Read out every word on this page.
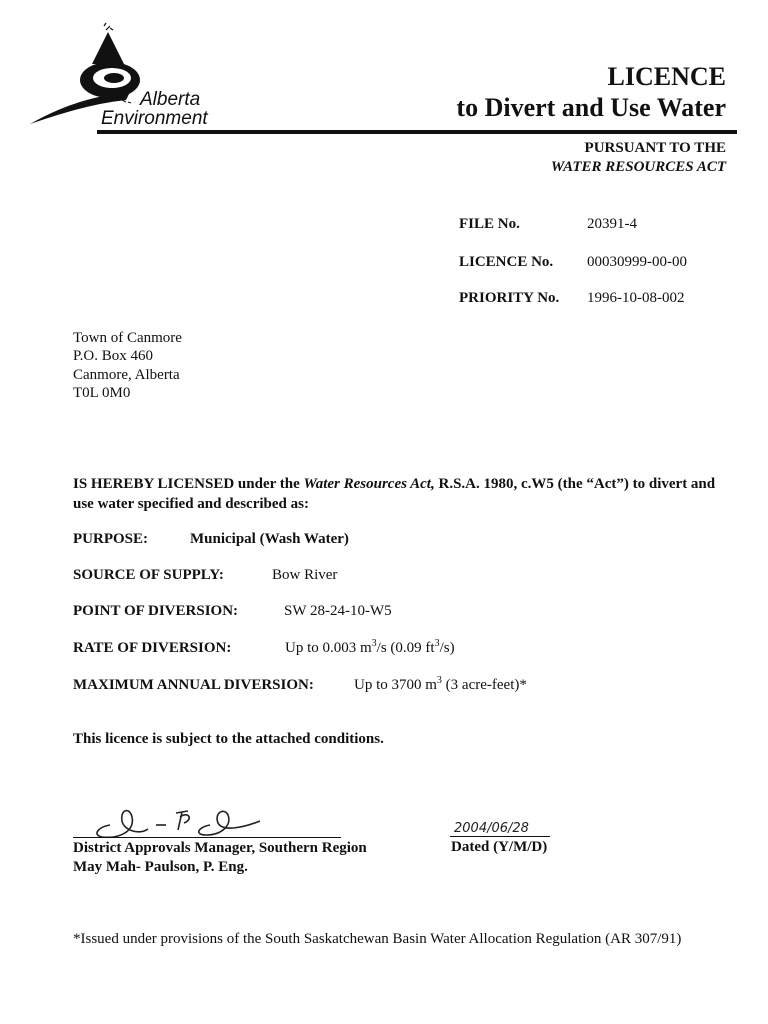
Alberta
Environment
LICENCE
to Divert and Use Water
PURSUANT TO THE
WATER RESOURCES ACT
FILE No.	20391-4
LICENCE No. 00030999-00-00
PRIORITY No. 1996-10-08-002
Town of Canmore
P.O. Box 460
Canmore, Alberta
T0L 0M0
IS HEREBY LICENSED under the Water Resources Act, R.S.A. 1980, c.W5 (the “Act”) to divert and use water specified and described as:
PURPOSE:	Municipal (Wash Water)
SOURCE OF SUPPLY:	Bow River
POINT OF DIVERSION:	SW 28-24-10-W5
RATE OF DIVERSION:	Up to 0.003 $m^3/s$ (0.09 $ft^3/s$)
MAXIMUM ANNUAL DIVERSION:	Up to 3700 $m^3$ (3 acre-feet)*
This licence is subject to the attached conditions.
District Approvals Manager, Southern Region
May Mah- Paulson, P. Eng.
2004/06/28
Dated (Y/M/D)
*Issued under provisions of the South Saskatchewan Basin Water Allocation Regulation (AR 307/91)
